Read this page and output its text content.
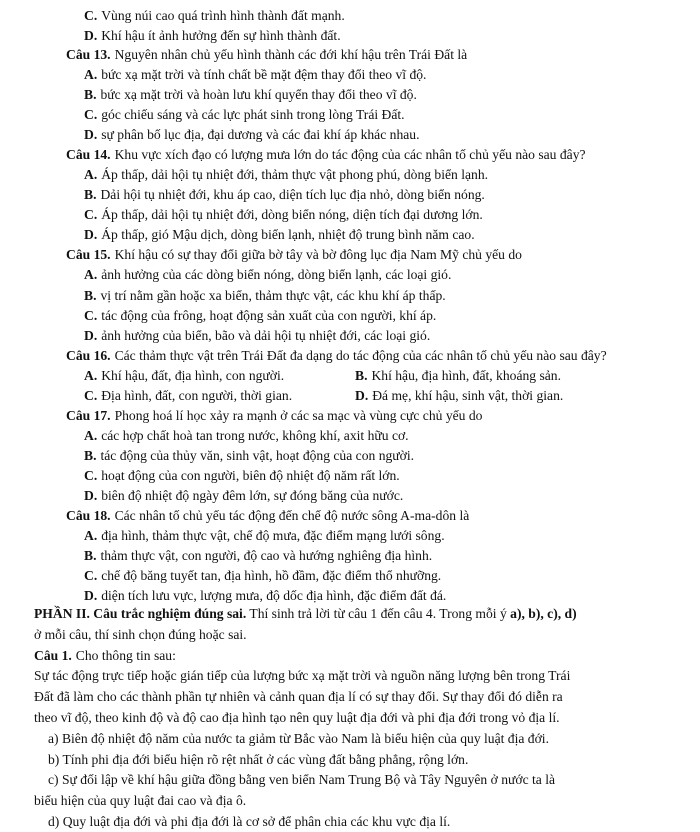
C. Vùng núi cao quá trình hình thành đất mạnh.
D. Khí hậu ít ảnh hưởng đến sự hình thành đất.
Câu 13. Nguyên nhân chủ yếu hình thành các đới khí hậu trên Trái Đất là
A. bức xạ mặt trời và tính chất bề mặt đệm thay đổi theo vĩ độ.
B. bức xạ mặt trời và hoàn lưu khí quyển thay đổi theo vĩ độ.
C. góc chiếu sáng và các lực phát sinh trong lòng Trái Đất.
D. sự phân bố lục địa, đại dương và các đai khí áp khác nhau.
Câu 14. Khu vực xích đạo có lượng mưa lớn do tác động của các nhân tố chủ yếu nào sau đây?
A. Áp thấp, dải hội tụ nhiệt đới, thảm thực vật phong phú, dòng biển lạnh.
B. Dải hội tụ nhiệt đới, khu áp cao, diện tích lục địa nhỏ, dòng biển nóng.
C. Áp thấp, dải hội tụ nhiệt đới, dòng biển nóng, diện tích đại dương lớn.
D. Áp thấp, gió Mậu dịch, dòng biển lạnh, nhiệt độ trung bình năm cao.
Câu 15. Khí hậu có sự thay đổi giữa bờ tây và bờ đông lục địa Nam Mỹ chủ yếu do
A. ảnh hưởng của các dòng biển nóng, dòng biển lạnh, các loại gió.
B. vị trí nằm gần hoặc xa biển, thảm thực vật, các khu khí áp thấp.
C. tác động của frông, hoạt động sản xuất của con người, khí áp.
D. ảnh hưởng của biển, bão và dải hội tụ nhiệt đới, các loại gió.
Câu 16. Các thảm thực vật trên Trái Đất đa dạng do tác động của các nhân tố chủ yếu nào sau đây?
A. Khí hậu, đất, địa hình, con người.	B. Khí hậu, địa hình, đất, khoáng sản.
C. Địa hình, đất, con người, thời gian.	D. Đá mẹ, khí hậu, sinh vật, thời gian.
Câu 17. Phong hoá lí học xảy ra mạnh ở các sa mạc và vùng cực chủ yếu do
A. các hợp chất hoà tan trong nước, không khí, axit hữu cơ.
B. tác động của thủy văn, sinh vật, hoạt động của con người.
C. hoạt động của con người, biên độ nhiệt độ năm rất lớn.
D. biên độ nhiệt độ ngày đêm lớn, sự đóng băng của nước.
Câu 18. Các nhân tố chủ yếu tác động đến chế độ nước sông A-ma-dôn là
A. địa hình, thảm thực vật, chế độ mưa, đặc điểm mạng lưới sông.
B. thảm thực vật, con người, độ cao và hướng nghiêng địa hình.
C. chế độ băng tuyết tan, địa hình, hồ đầm, đặc điểm thổ nhưỡng.
D. diện tích lưu vực, lượng mưa, độ dốc địa hình, đặc điểm đất đá.
PHẦN II. Câu trắc nghiệm đúng sai. Thí sinh trả lời từ câu 1 đến câu 4. Trong mỗi ý a), b), c), d)
ở mỗi câu, thí sinh chọn đúng hoặc sai.
Câu 1. Cho thông tin sau:
Sự tác động trực tiếp hoặc gián tiếp của lượng bức xạ mặt trời và nguồn năng lượng bên trong Trái
Đất đã làm cho các thành phần tự nhiên và cảnh quan địa lí có sự thay đổi. Sự thay đổi đó diễn ra
theo vĩ độ, theo kinh độ và độ cao địa hình tạo nên quy luật địa đới và phi địa đới trong vỏ địa lí.
a) Biên độ nhiệt độ năm của nước ta giảm từ Bắc vào Nam là biểu hiện của quy luật địa đới.
b) Tính phi địa đới biểu hiện rõ rệt nhất ở các vùng đất bằng phẳng, rộng lớn.
c) Sự đối lập về khí hậu giữa đồng bằng ven biển Nam Trung Bộ và Tây Nguyên ở nước ta là
biểu hiện của quy luật đai cao và địa ô.
d) Quy luật địa đới và phi địa đới là cơ sở để phân chia các khu vực địa lí.
